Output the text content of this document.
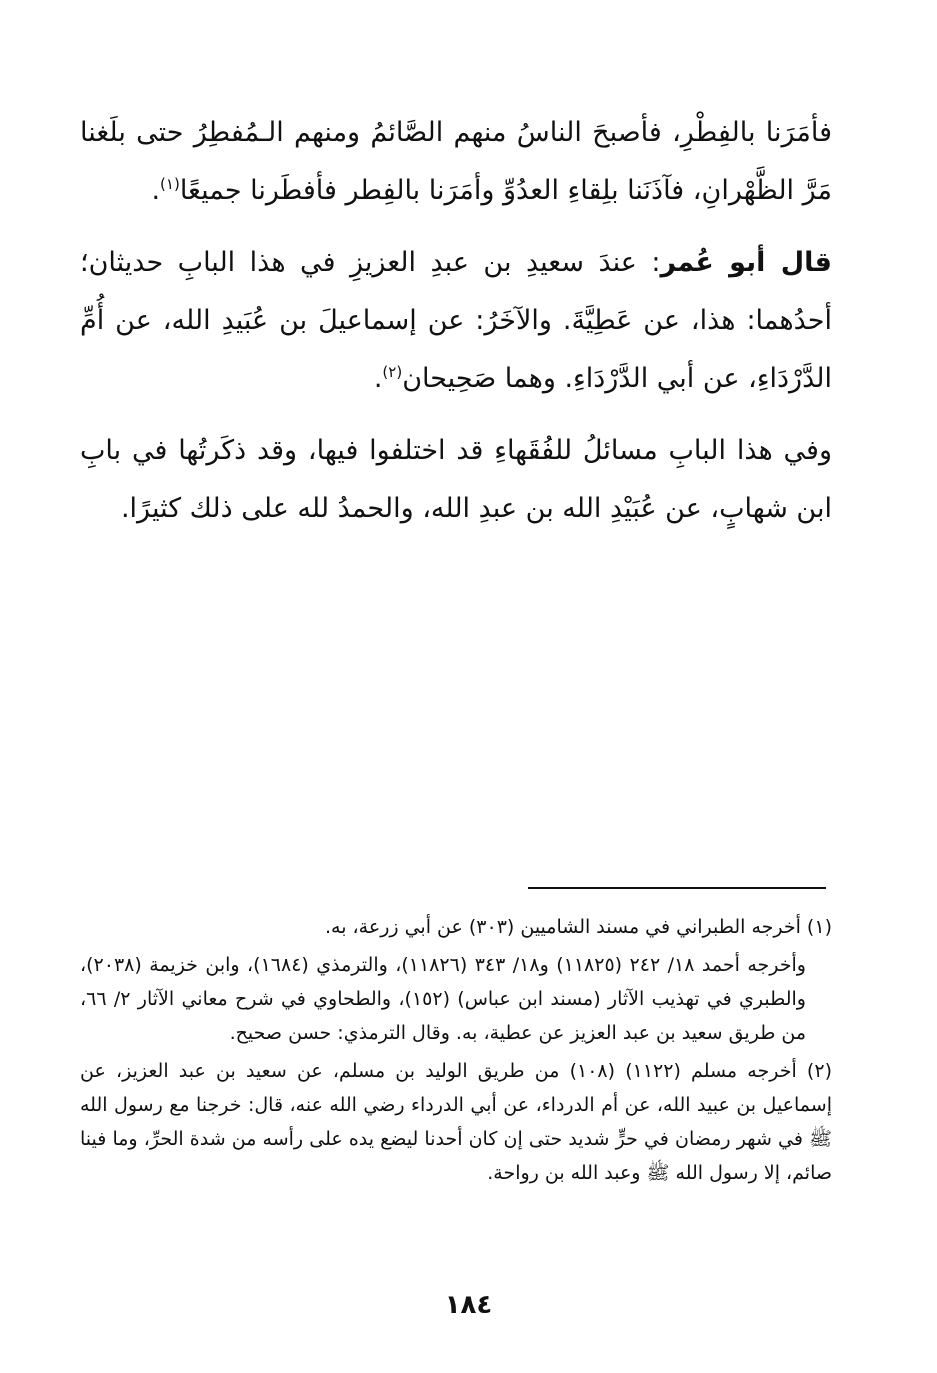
فأمَرَنا بالفِطْرِ، فأصبحَ الناسُ منهم الصَّائمُ ومنهم الـمُفطِرُ حتى بلَغنا مَرَّ الظَّهْرانِ، فآذَنَنا بلِقاءِ العدُوِّ وأمَرَنا بالفِطر فأفطَرنا جميعًا$^{(١)}$.

قال أبو عُمر: عندَ سعيدِ بن عبدِ العزيزِ في هذا البابِ حديثان؛ أحدُهما: هذا، عن عَطِيَّةَ. والآخَرُ: عن إسماعيلَ بن عُبَيدِ الله، عن أُمِّ الدَّرْدَاءِ، عن أبي الدَّرْدَاءِ. وهما صَحِيحان$^{(٢)}$.

وفي هذا البابِ مسائلُ للفُقَهاءِ قد اختلفوا فيها، وقد ذكَرتُها في بابِ ابن شهابٍ، عن عُبَيْدِ الله بن عبدِ الله، والحمدُ لله على ذلك كثيرًا.

(١) أخرجه الطبراني في مسند الشاميين (٣٠٣) عن أبي زرعة، به.

وأخرجه أحمد ١٨/ ٢٤٢ (١١٨٢٥) و١٨/ ٣٤٣ (١١٨٢٦)، والترمذي (١٦٨٤)، وابن خزيمة (٢٠٣٨)، والطبري في تهذيب الآثار (مسند ابن عباس) (١٥٢)، والطحاوي في شرح معاني الآثار ٢/ ٦٦، من طريق سعيد بن عبد العزيز عن عطية، به. وقال الترمذي: حسن صحيح.

(٢) أخرجه مسلم (١١٢٢) (١٠٨) من طريق الوليد بن مسلم، عن سعيد بن عبد العزيز، عن إسماعيل بن عبيد الله، عن أم الدرداء، عن أبي الدرداء رضي الله عنه، قال: خرجنا مع رسول الله ﷺ في شهر رمضان في حرٍّ شديد حتى إن كان أحدنا ليضع يده على رأسه من شدة الحرِّ، وما فينا صائم، إلا رسول الله ﷺ وعبد الله بن رواحة.

١٨٤
